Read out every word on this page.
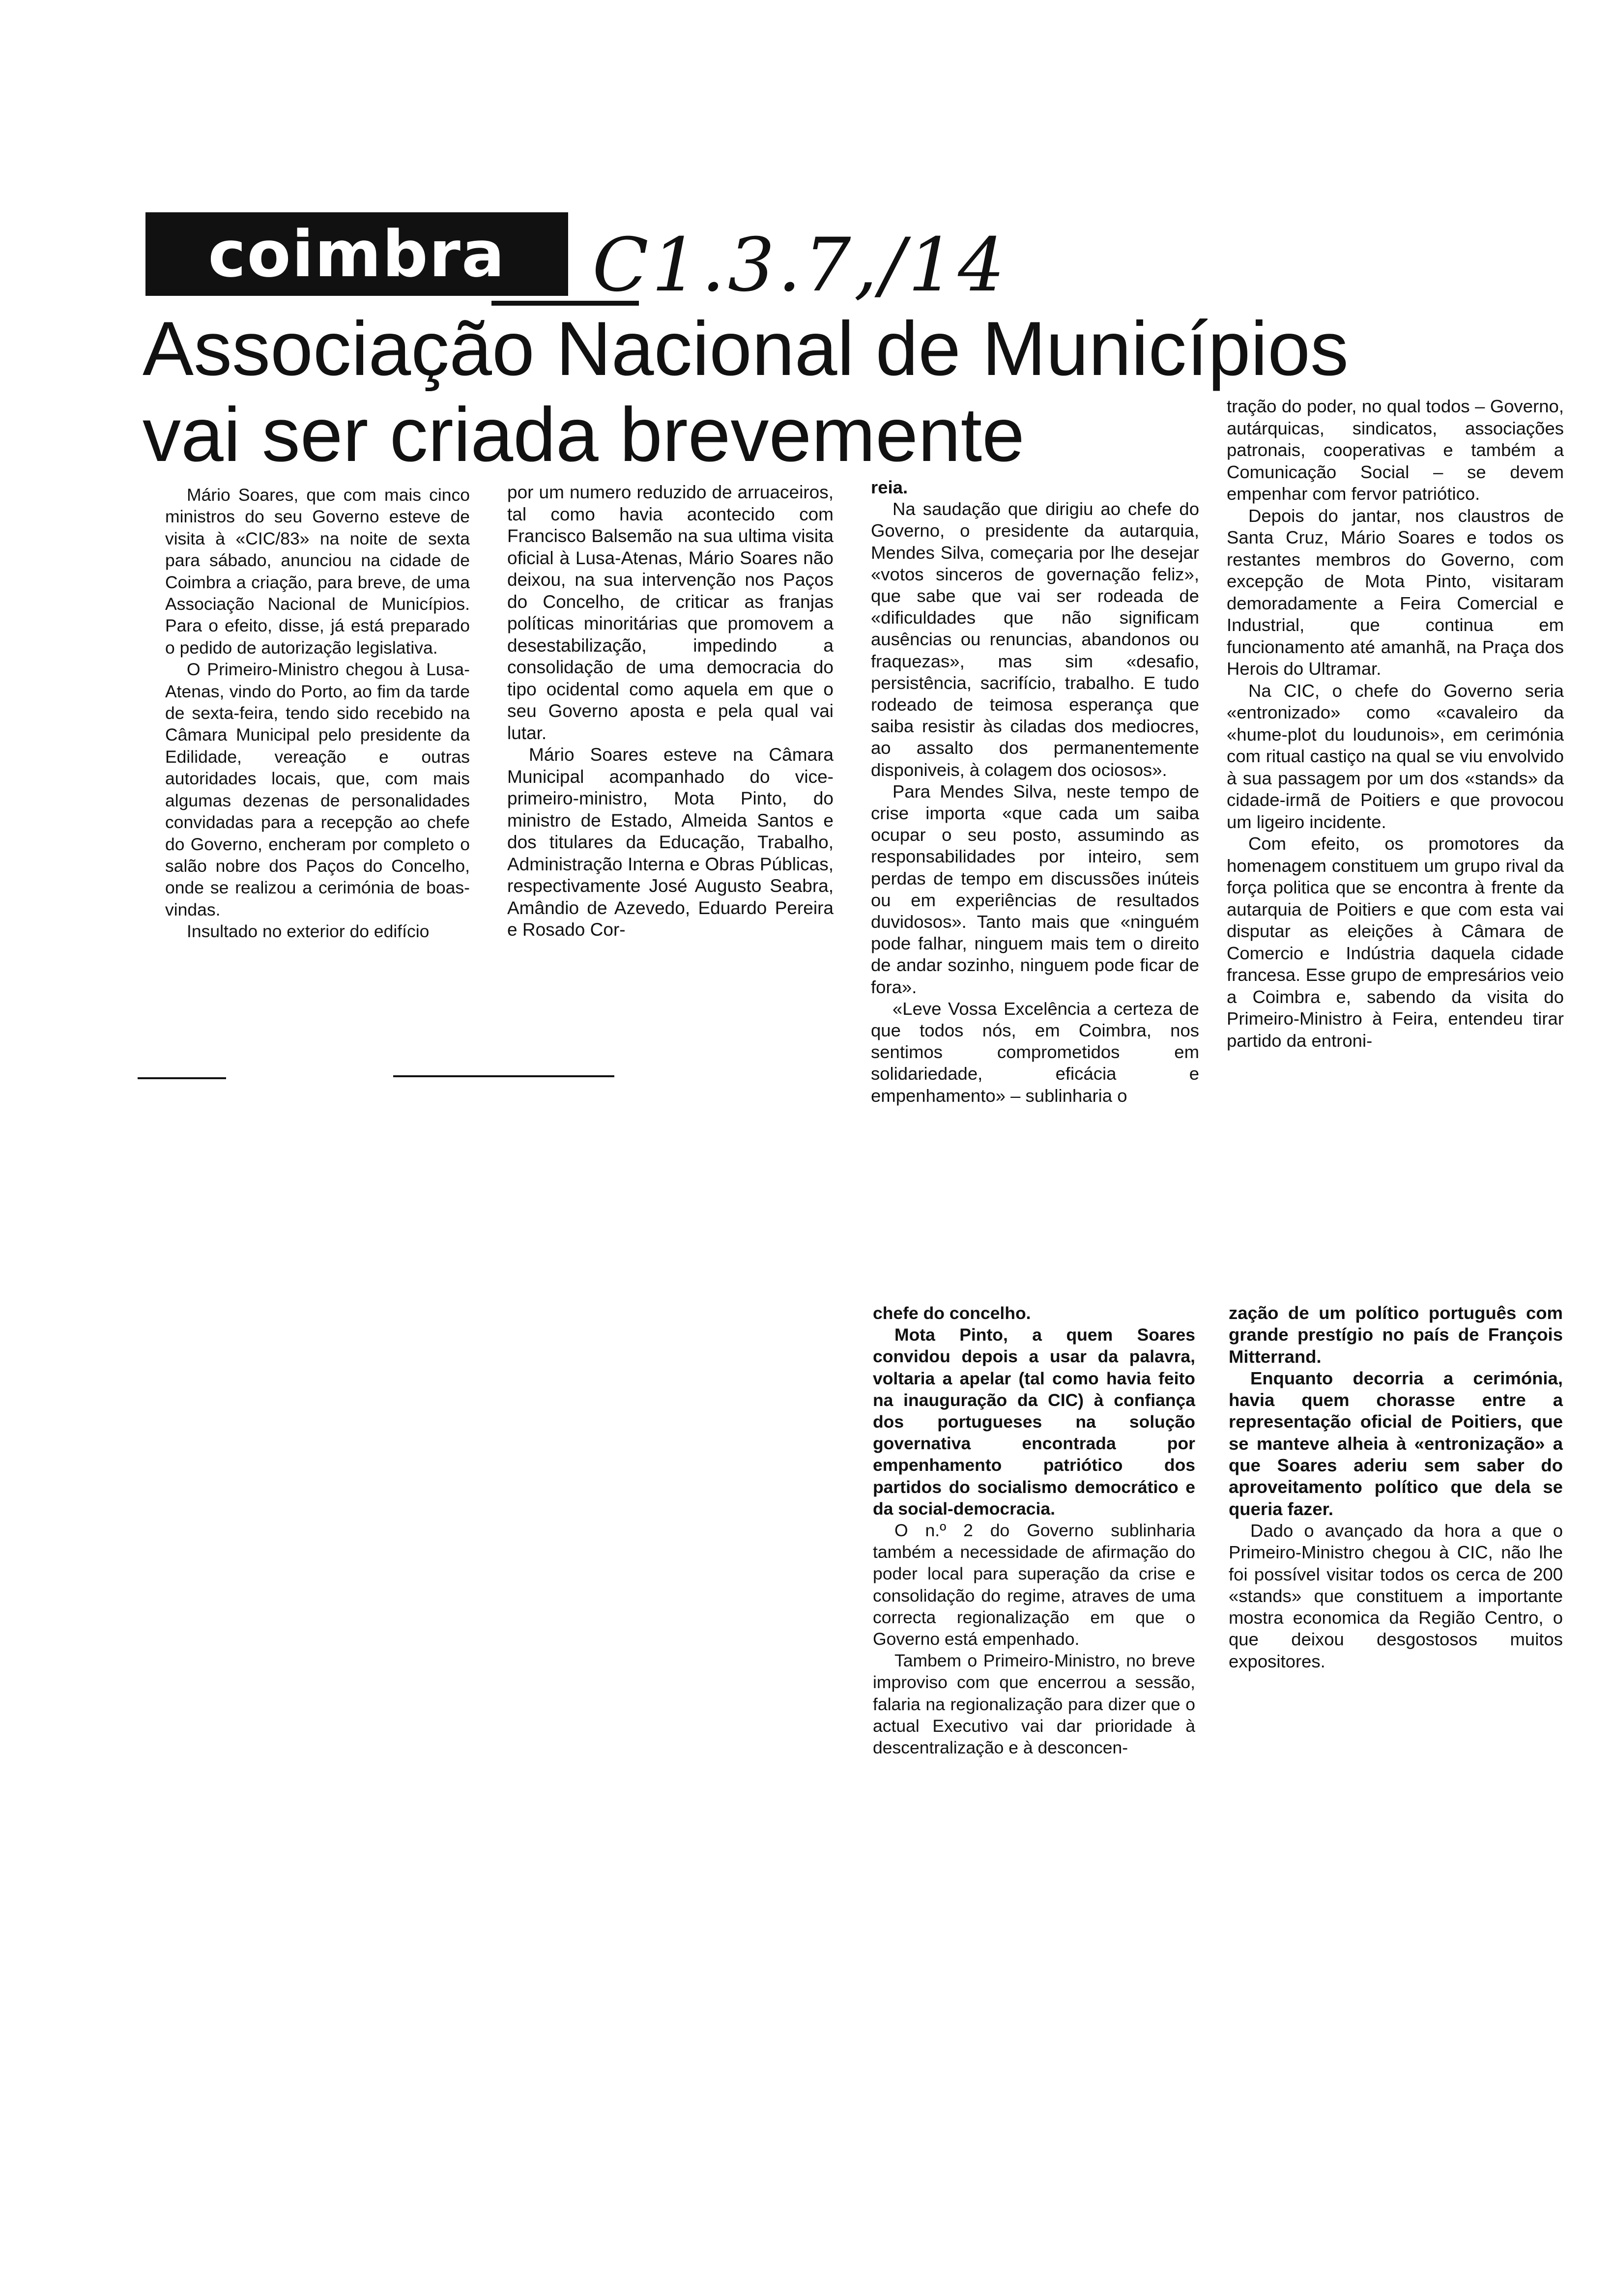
coimbra	C1.3.7,/14
Associação Nacional de Municípios
vai ser criada brevemente

Mário Soares, que com mais cinco ministros do seu Governo esteve de visita à «CIC/83» na noite de sexta para sábado, anunciou na cidade de Coimbra a criação, para breve, de uma Associação Nacional de Municípios. Para o efeito, disse, já está preparado o pedido de autorização legislativa.

O Primeiro-Ministro chegou à Lusa-Atenas, vindo do Porto, ao fim da tarde de sexta-feira, tendo sido recebido na Câmara Municipal pelo presidente da Edilidade, vereação e outras autoridades locais, que, com mais algumas dezenas de personalidades convidadas para a recepção ao chefe do Governo, encheram por completo o salão nobre dos Paços do Concelho, onde se realizou a cerimónia de boas-vindas.

Insultado no exterior do edifício

por um numero reduzido de arruaceiros, tal como havia acontecido com Francisco Balsemão na sua ultima visita oficial à Lusa-Atenas, Mário Soares não deixou, na sua intervenção nos Paços do Concelho, de criticar as franjas políticas minoritárias que promovem a desestabilização, impedindo a consolidação de uma democracia do tipo ocidental como aquela em que o seu Governo aposta e pela qual vai lutar.

Mário Soares esteve na Câmara Municipal acompanhado do vice-primeiro-ministro, Mota Pinto, do ministro de Estado, Almeida Santos e dos titulares da Educação, Trabalho, Administração Interna e Obras Públicas, respectivamente José Augusto Seabra, Amândio de Azevedo, Eduardo Pereira e Rosado Cor-

reia.

Na saudação que dirigiu ao chefe do Governo, o presidente da autarquia, Mendes Silva, começaria por lhe desejar «votos sinceros de governação feliz», que sabe que vai ser rodeada de «dificuldades que não significam ausências ou renuncias, abandonos ou fraquezas», mas sim «desafio, persistência, sacrifício, trabalho. E tudo rodeado de teimosa esperança que saiba resistir às ciladas dos mediocres, ao assalto dos permanentemente disponiveis, à colagem dos ociosos».

Para Mendes Silva, neste tempo de crise importa «que cada um saiba ocupar o seu posto, assumindo as responsabilidades por inteiro, sem perdas de tempo em discussões inúteis ou em experiências de resultados duvidosos». Tanto mais que «ninguém pode falhar, ninguem mais tem o direito de andar sozinho, ninguem pode ficar de fora».

«Leve Vossa Excelência a certeza de que todos nós, em Coimbra, nos sentimos comprometidos em solidariedade, eficácia e empenhamento» – sublinharia o

tração do poder, no qual todos – Governo, autárquicas, sindicatos, associações patronais, cooperativas e também a Comunicação Social – se devem empenhar com fervor patriótico.

Depois do jantar, nos claustros de Santa Cruz, Mário Soares e todos os restantes membros do Governo, com excepção de Mota Pinto, visitaram demoradamente a Feira Comercial e Industrial, que continua em funcionamento até amanhã, na Praça dos Herois do Ultramar.

Na CIC, o chefe do Governo seria «entronizado» como «cavaleiro da «hume-plot du loudunois», em cerimónia com ritual castiço na qual se viu envolvido à sua passagem por um dos «stands» da cidade-irmã de Poitiers e que provocou um ligeiro incidente.

Com efeito, os promotores da homenagem constituem um grupo rival da força politica que se encontra à frente da autarquia de Poitiers e que com esta vai disputar as eleições à Câmara de Comercio e Indústria daquela cidade francesa. Esse grupo de empresários veio a Coimbra e, sabendo da visita do Primeiro-Ministro à Feira, entendeu tirar partido da entroni-

chefe do concelho.

Mota Pinto, a quem Soares convidou depois a usar da palavra, voltaria a apelar (tal como havia feito na inauguração da CIC) à confiança dos portugueses na solução governativa encontrada por empenhamento patriótico dos partidos do socialismo democrático e da social-democracia.

O n.º 2 do Governo sublinharia também a necessidade de afirmação do poder local para superação da crise e consolidação do regime, atraves de uma correcta regionalização em que o Governo está empenhado.

Tambem o Primeiro-Ministro, no breve improviso com que encerrou a sessão, falaria na regionalização para dizer que o actual Executivo vai dar prioridade à descentralização e à desconcen-

zação de um político português com grande prestígio no país de François Mitterrand.

Enquanto decorria a cerimónia, havia quem chorasse entre a representação oficial de Poitiers, que se manteve alheia à «entronização» a que Soares aderiu sem saber do aproveitamento político que dela se queria fazer.

Dado o avançado da hora a que o Primeiro-Ministro chegou à CIC, não lhe foi possível visitar todos os cerca de 200 «stands» que constituem a importante mostra economica da Região Centro, o que deixou desgostosos muitos expositores.
